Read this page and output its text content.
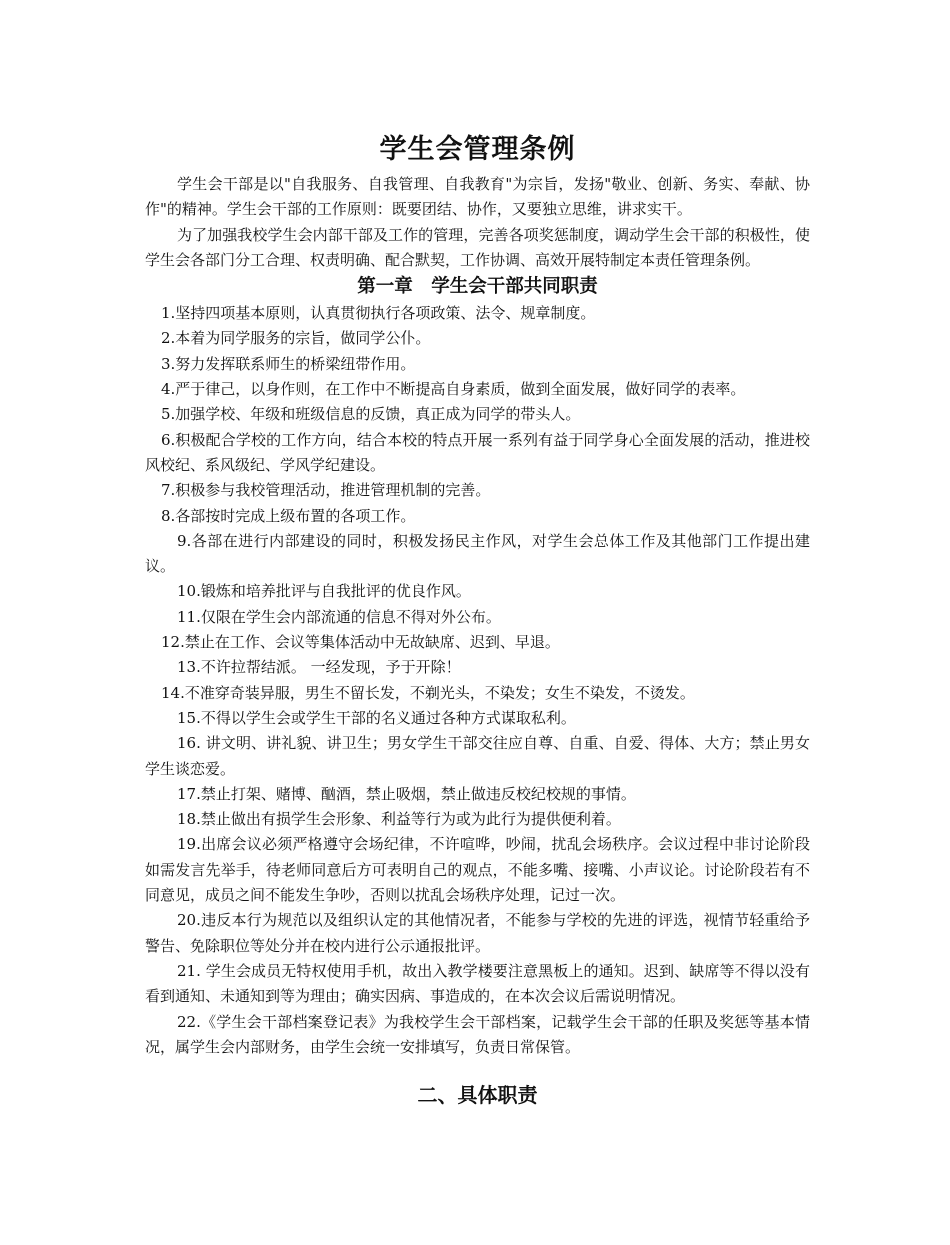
学生会管理条例

学生会干部是以"自我服务、自我管理、自我教育"为宗旨，发扬"敬业、创新、务实、奉献、协作"的精神。学生会干部的工作原则：既要团结、协作，又要独立思维，讲求实干。

为了加强我校学生会内部干部及工作的管理，完善各项奖惩制度，调动学生会干部的积极性，使学生会各部门分工合理、权责明确、配合默契，工作协调、高效开展特制定本责任管理条例。

第一章　学生会干部共同职责
1.坚持四项基本原则，认真贯彻执行各项政策、法令、规章制度。
2.本着为同学服务的宗旨，做同学公仆。
3.努力发挥联系师生的桥梁纽带作用。
4.严于律己，以身作则，在工作中不断提高自身素质，做到全面发展，做好同学的表率。
5.加强学校、年级和班级信息的反馈，真正成为同学的带头人。
6.积极配合学校的工作方向，结合本校的特点开展一系列有益于同学身心全面发展的活动，推进校风校纪、系风级纪、学风学纪建设。
7.积极参与我校管理活动，推进管理机制的完善。
8.各部按时完成上级布置的各项工作。
9.各部在进行内部建设的同时，积极发扬民主作风，对学生会总体工作及其他部门工作提出建议。
10.锻炼和培养批评与自我批评的优良作风。
11.仅限在学生会内部流通的信息不得对外公布。
12.禁止在工作、会议等集体活动中无故缺席、迟到、早退。
13.不许拉帮结派。 一经发现，予于开除！
14.不准穿奇装异服，男生不留长发，不剃光头，不染发；女生不染发，不烫发。
15.不得以学生会或学生干部的名义通过各种方式谋取私利。
16. 讲文明、讲礼貌、讲卫生；男女学生干部交往应自尊、自重、自爱、得体、大方；禁止男女学生谈恋爱。
17.禁止打架、赌博、酗酒，禁止吸烟，禁止做违反校纪校规的事情。
18.禁止做出有损学生会形象、利益等行为或为此行为提供便利着。
19.出席会议必须严格遵守会场纪律，不许喧哗，吵闹，扰乱会场秩序。会议过程中非讨论阶段如需发言先举手，待老师同意后方可表明自己的观点，不能多嘴、接嘴、小声议论。讨论阶段若有不同意见，成员之间不能发生争吵，否则以扰乱会场秩序处理，记过一次。
20.违反本行为规范以及组织认定的其他情况者，不能参与学校的先进的评选，视情节轻重给予警告、免除职位等处分并在校内进行公示通报批评。
21. 学生会成员无特权使用手机，故出入教学楼要注意黑板上的通知。迟到、缺席等不得以没有看到通知、未通知到等为理由；确实因病、事造成的，在本次会议后需说明情况。
22.《学生会干部档案登记表》为我校学生会干部档案，记载学生会干部的任职及奖惩等基本情况，属学生会内部财务，由学生会统一安排填写，负责日常保管。
二、具体职责
